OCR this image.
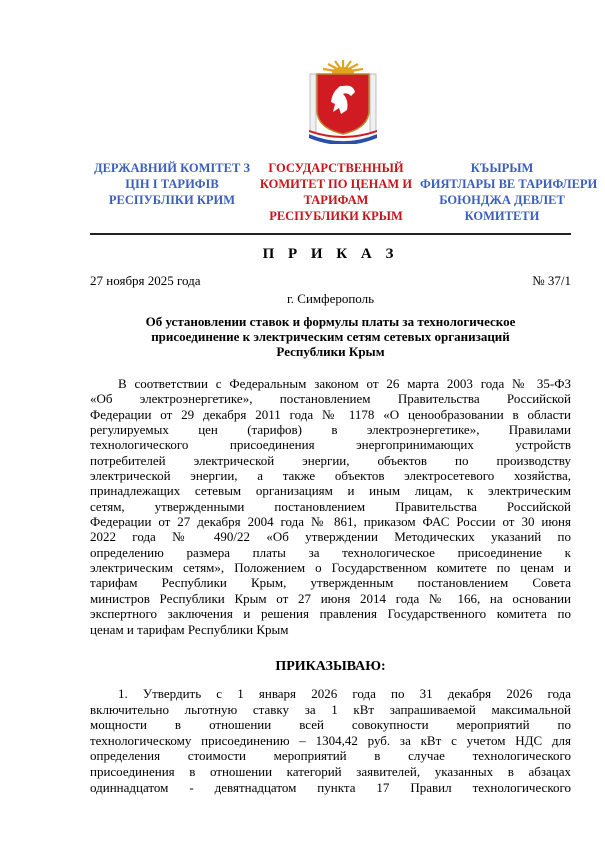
ДЕРЖАВНИЙ КОМІТЕТ З
ЦІН І ТАРИФІВ
РЕСПУБЛІКИ КРИМ
ГОСУДАРСТВЕННЫЙ
КОМИТЕТ ПО ЦЕНАМ И
ТАРИФАМ
РЕСПУБЛИКИ КРЫМ
КЪЫРЫМ
ФИЯТЛАРЫ ВЕ ТАРИФЛЕРИ
БОЮНДЖА ДЕВЛЕТ
КОМИТЕТИ
П Р И К А З
27 ноября 2025 года	№ 37/1
г. Симферополь
Об установлении ставок и формулы платы за технологическое
присоединение к электрическим сетям сетевых организаций
Республики Крым
В соответствии с Федеральным законом от 26 марта 2003 года № 35-ФЗ
«Об электроэнергетике», постановлением Правительства Российской
Федерации от 29 декабря 2011 года № 1178 «О ценообразовании в области
регулируемых цен (тарифов) в электроэнергетике», Правилами
технологического присоединения энергопринимающих устройств
потребителей электрической энергии, объектов по производству
электрической энергии, а также объектов электросетевого хозяйства,
принадлежащих сетевым организациям и иным лицам, к электрическим
сетям, утвержденными постановлением Правительства Российской
Федерации от 27 декабря 2004 года № 861, приказом ФАС России от 30 июня
2022 года № 490/22 «Об утверждении Методических указаний по
определению размера платы за технологическое присоединение к
электрическим сетям», Положением о Государственном комитете по ценам и
тарифам Республики Крым, утвержденным постановлением Совета
министров Республики Крым от 27 июня 2014 года № 166, на основании
экспертного заключения и решения правления Государственного комитета по
ценам и тарифам Республики Крым
ПРИКАЗЫВАЮ:
1. Утвердить с 1 января 2026 года по 31 декабря 2026 года
включительно льготную ставку за 1 кВт запрашиваемой максимальной
мощности в отношении всей совокупности мероприятий по
технологическому присоединению – 1304,42 руб. за кВт с учетом НДС для
определения стоимости мероприятий в случае технологического
присоединения в отношении категорий заявителей, указанных в абзацах
одиннадцатом - девятнадцатом пункта 17 Правил технологического
